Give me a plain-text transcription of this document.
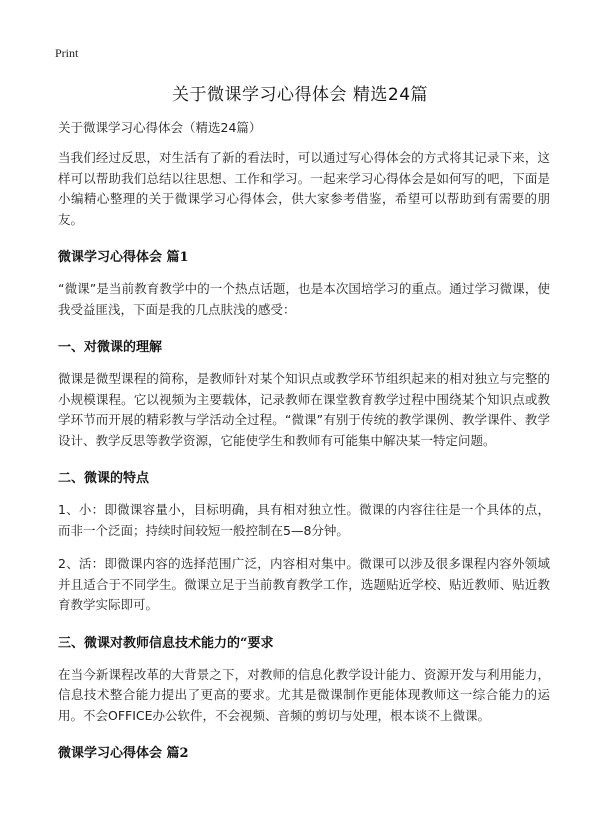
Print
关于微课学习心得体会 精选24篇
关于微课学习心得体会（精选24篇）

当我们经过反思，对生活有了新的看法时，可以通过写心得体会的方式将其记录下来，这样可以帮助我们总结以往思想、工作和学习。一起来学习心得体会是如何写的吧，下面是小编精心整理的关于微课学习心得体会，供大家参考借鉴，希望可以帮助到有需要的朋友。

微课学习心得体会 篇1

“微课”是当前教育教学中的一个热点话题，也是本次国培学习的重点。通过学习微课，使我受益匪浅，下面是我的几点肤浅的感受：

一、对微课的理解

微课是微型课程的简称，是教师针对某个知识点或教学环节组织起来的相对独立与完整的小规模课程。它以视频为主要载体，记录教师在课堂教育教学过程中围绕某个知识点或教学环节而开展的精彩教与学活动全过程。“微课”有别于传统的教学课例、教学课件、教学设计、教学反思等教学资源，它能使学生和教师有可能集中解决某一特定问题。

二、微课的特点

1、小：即微课容量小，目标明确，具有相对独立性。微课的内容往往是一个具体的点，而非一个泛面；持续时间较短一般控制在5—8分钟。

2、活：即微课内容的选择范围广泛，内容相对集中。微课可以涉及很多课程内容外领域并且适合于不同学生。微课立足于当前教育教学工作，选题贴近学校、贴近教师、贴近教育教学实际即可。

三、微课对教师信息技术能力的“要求

在当今新课程改革的大背景之下，对教师的信息化教学设计能力、资源开发与利用能力，信息技术整合能力提出了更高的要求。尤其是微课制作更能体现教师这一综合能力的运用。不会OFFICE办公软件，不会视频、音频的剪切与处理，根本谈不上微课。

微课学习心得体会 篇2
